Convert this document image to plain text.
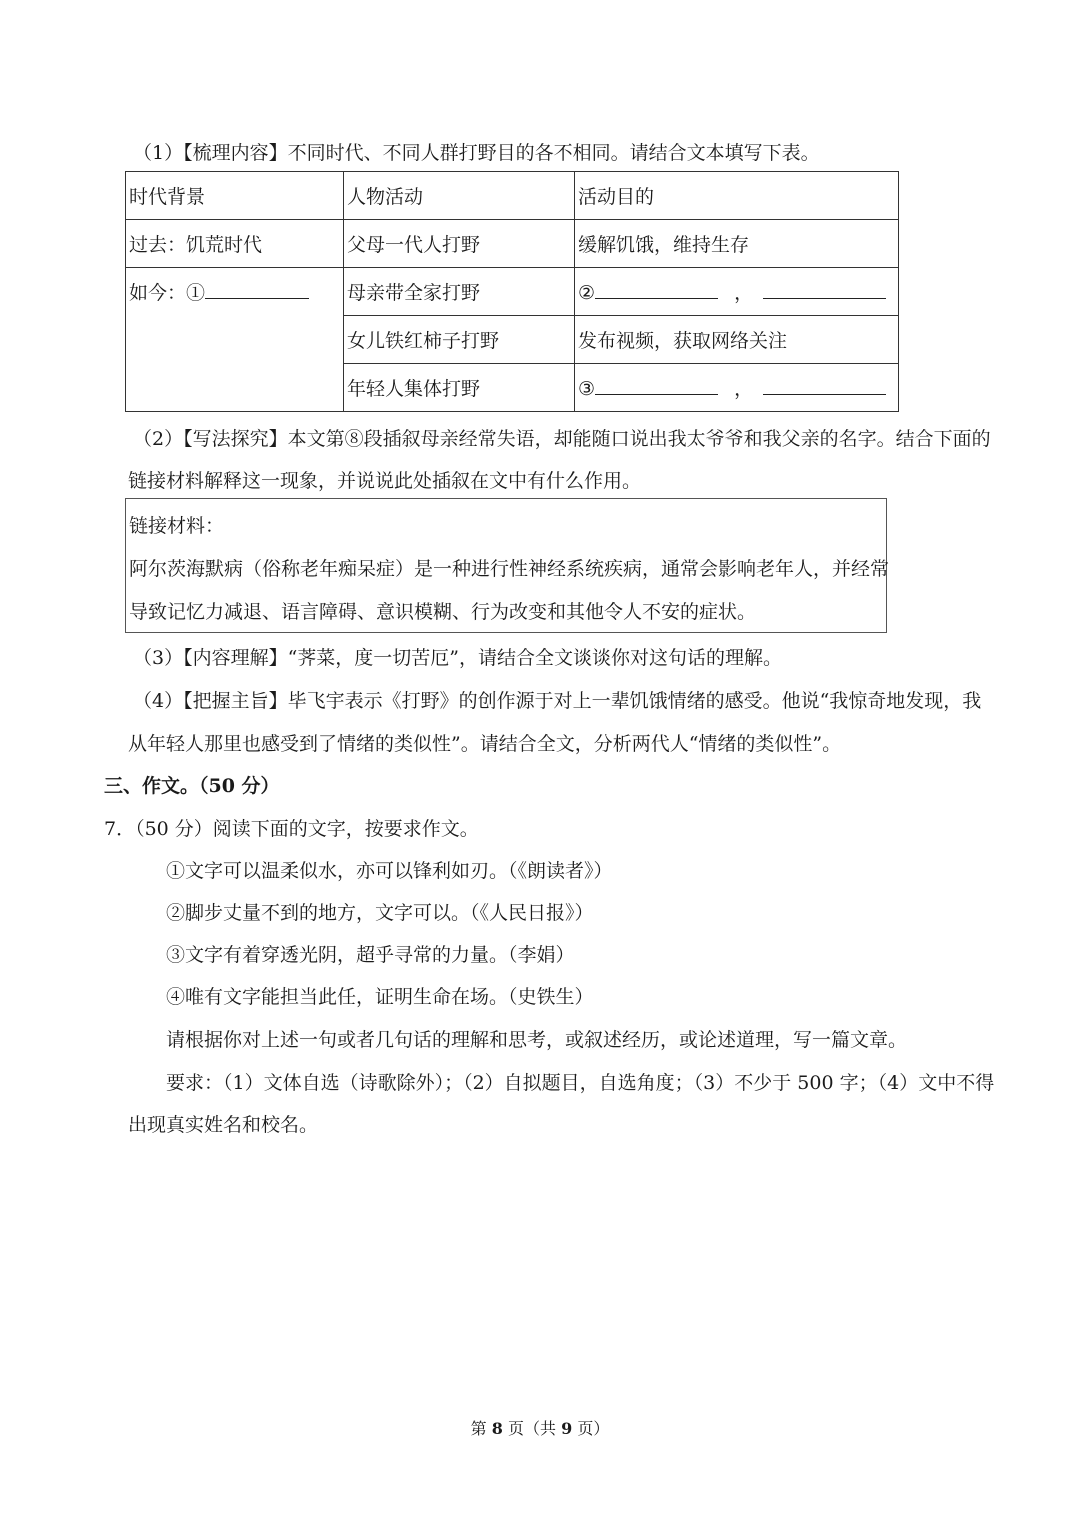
（1）【梳理内容】不同时代、不同人群打野目的各不相同。请结合文本填写下表。
时代背景	人物活动	活动目的
过去：饥荒时代	父母一代人打野	缓解饥饿，维持生存
如今：①	母亲带全家打野	② ，
	女儿铁红柿子打野	发布视频，获取网络关注
	年轻人集体打野	③ ，
（2）【写法探究】本文第⑧段插叙母亲经常失语，却能随口说出我太爷爷和我父亲的名字。结合下面的
链接材料解释这一现象，并说说此处插叙在文中有什么作用。
链接材料：
阿尔茨海默病（俗称老年痴呆症）是一种进行性神经系统疾病，通常会影响老年人，并经常
导致记忆力减退、语言障碍、意识模糊、行为改变和其他令人不安的症状。
（3）【内容理解】“荠菜，度一切苦厄”，请结合全文谈谈你对这句话的理解。
（4）【把握主旨】毕飞宇表示《打野》的创作源于对上一辈饥饿情绪的感受。他说“我惊奇地发现，我
从年轻人那里也感受到了情绪的类似性”。请结合全文，分析两代人“情绪的类似性”。
三、作文。（50 分）
7．（50 分）阅读下面的文字，按要求作文。
①文字可以温柔似水，亦可以锋利如刃。（《朗读者》）
②脚步丈量不到的地方，文字可以。（《人民日报》）
③文字有着穿透光阴，超乎寻常的力量。（李娟）
④唯有文字能担当此任，证明生命在场。（史铁生）
请根据你对上述一句或者几句话的理解和思考，或叙述经历，或论述道理，写一篇文章。
要求：（1）文体自选（诗歌除外）；（2）自拟题目，自选角度；（3）不少于 500 字；（4）文中不得
出现真实姓名和校名。
第 8 页（共 9 页）
